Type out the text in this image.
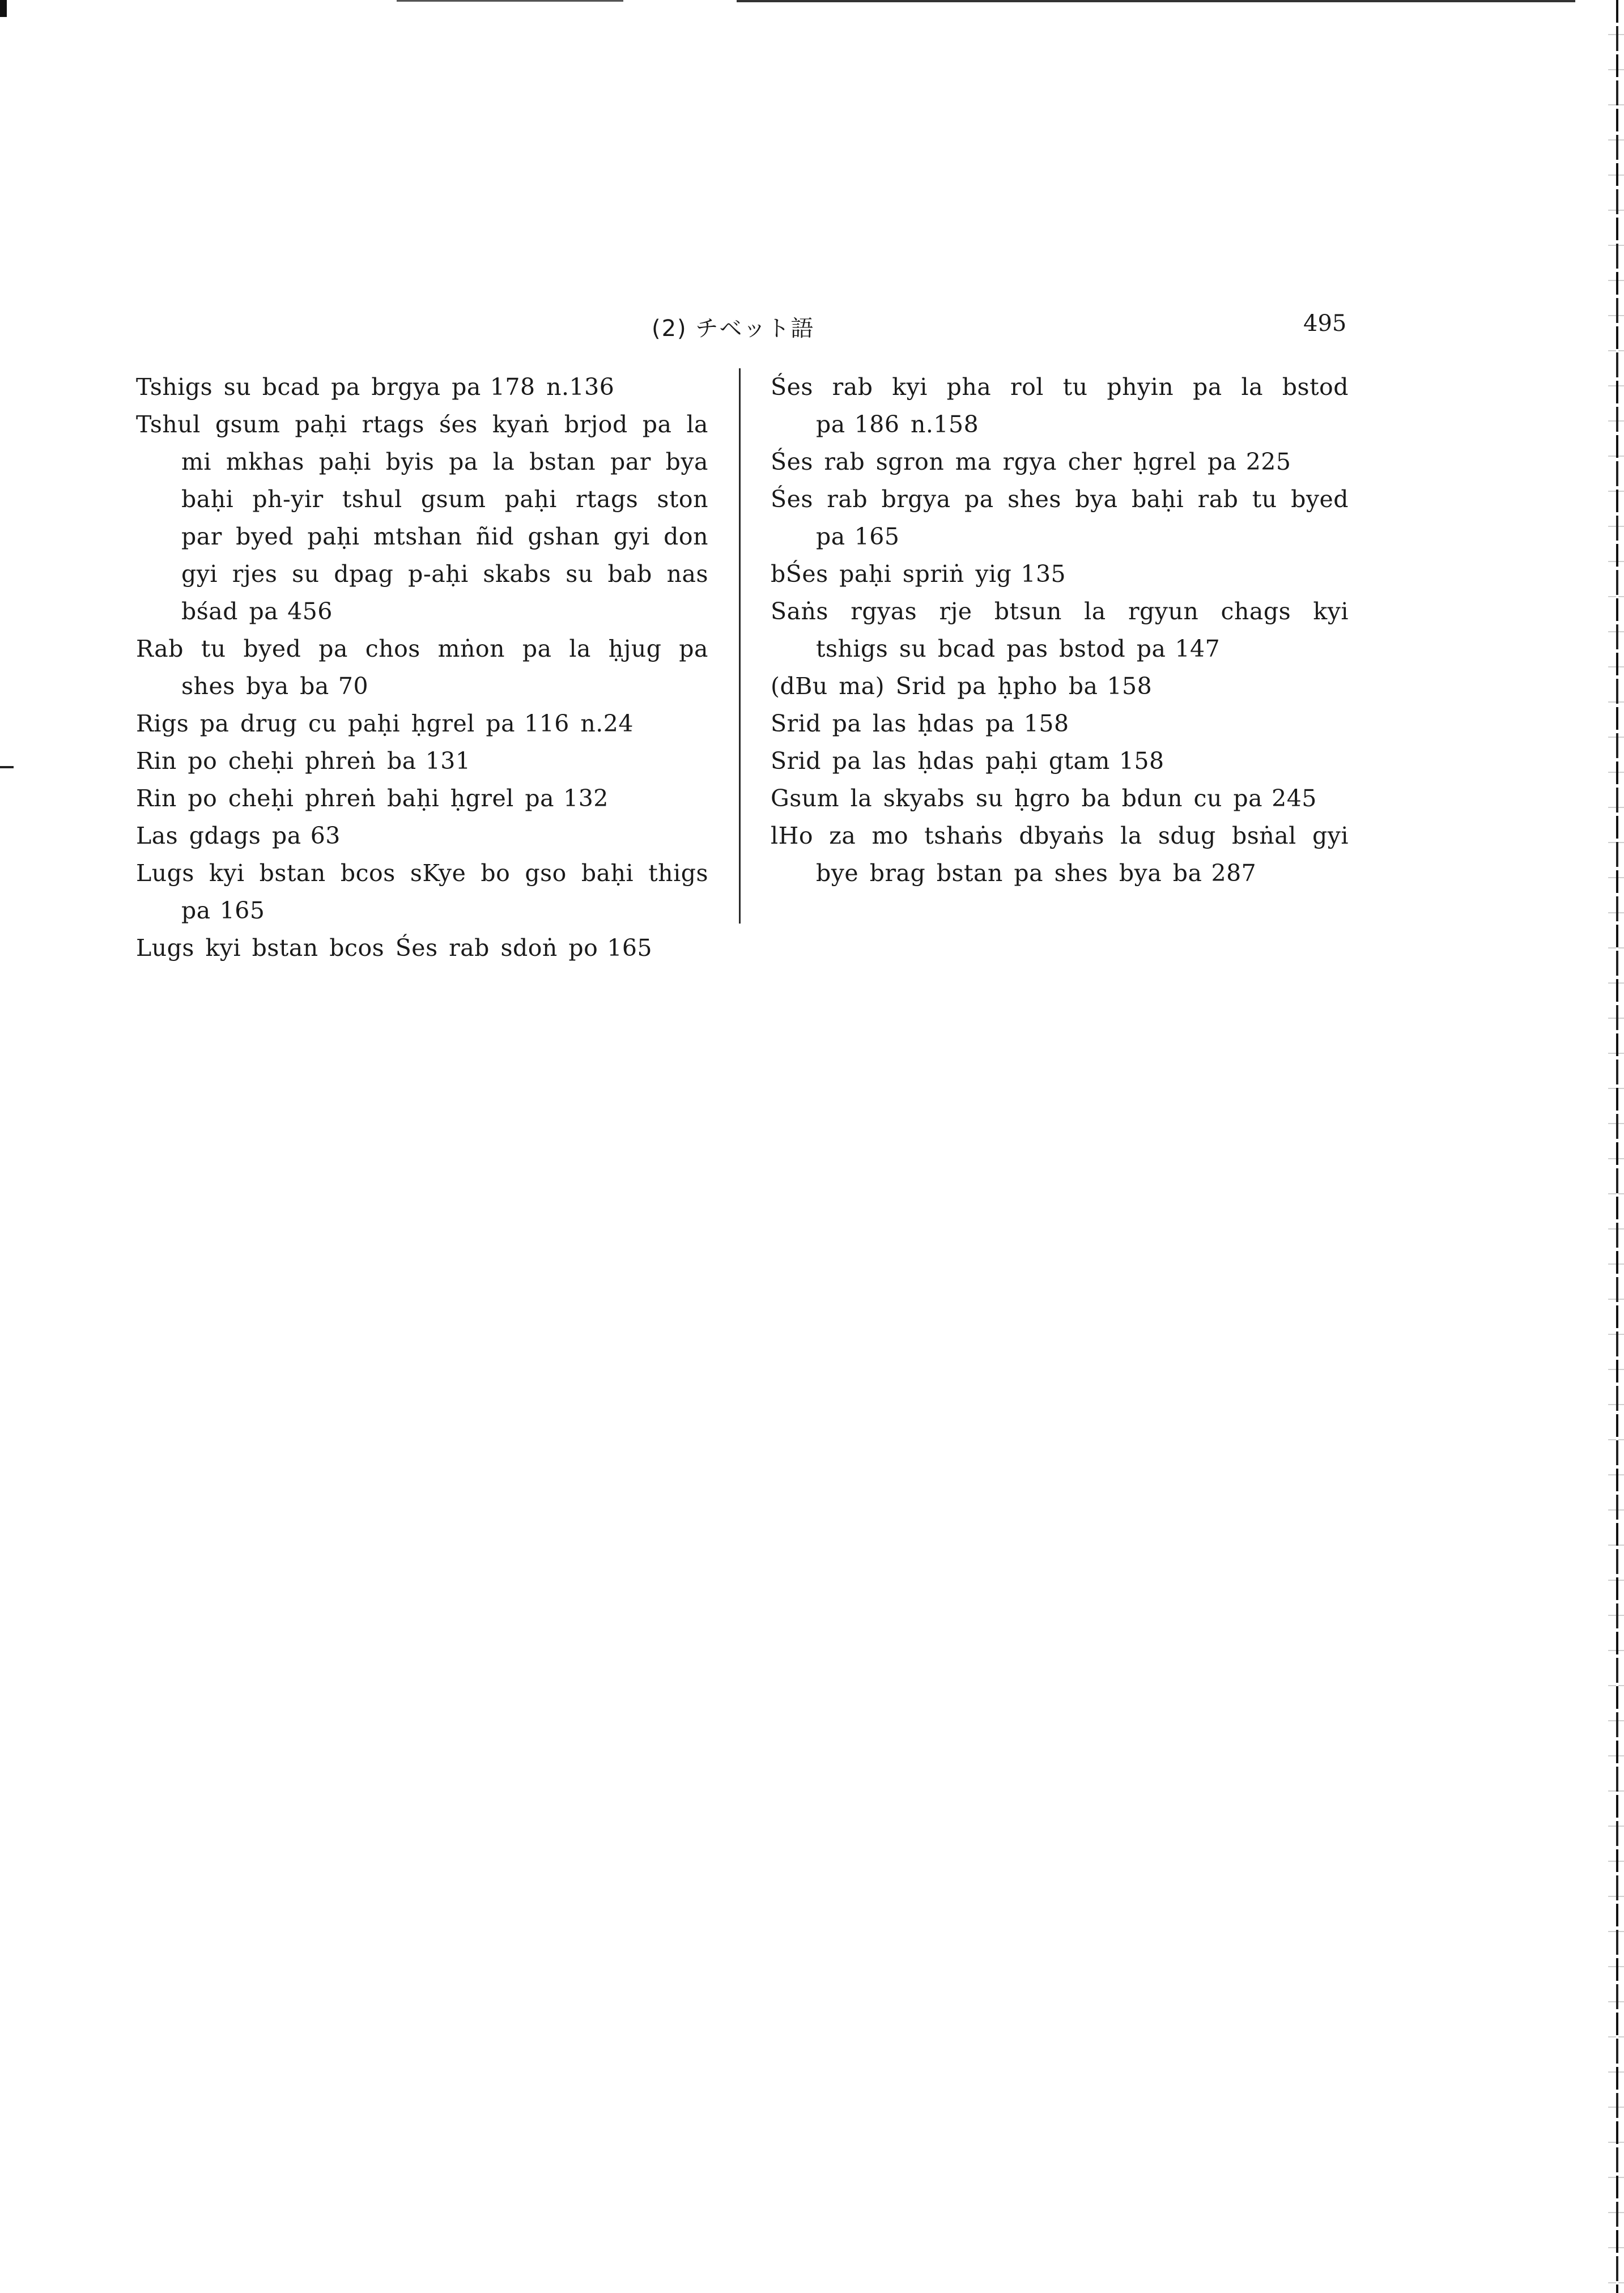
(2) チベット語	495

Tshigs su bcad pa brgya pa 178 n.136

Tshul gsum paḥi rtags śes kyaṅ brjod pa la mi mkhas paḥi byis pa la bstan par bya baḥi ph-yir tshul gsum paḥi rtags ston par byed paḥi mtshan ñid gshan gyi don gyi rjes su dpag p-aḥi skabs su bab nas bśad pa 456

Rab tu byed pa chos mṅon pa la ḥjug pa shes bya ba 70

Rigs pa drug cu paḥi ḥgrel pa 116 n.24

Rin po cheḥi phreṅ ba 131

Rin po cheḥi phreṅ baḥi ḥgrel pa 132

Las gdags pa 63

Lugs kyi bstan bcos sKye bo gso baḥi thigs pa 165

Lugs kyi bstan bcos Śes rab sdoṅ po 165

Śes rab kyi pha rol tu phyin pa la bstod pa 186 n.158

Śes rab sgron ma rgya cher ḥgrel pa 225

Śes rab brgya pa shes bya baḥi rab tu byed pa 165

bŚes paḥi spriṅ yig 135

Saṅs rgyas rje btsun la rgyun chags kyi tshigs su bcad pas bstod pa 147

(dBu ma) Srid pa ḥpho ba 158

Srid pa las ḥdas pa 158

Srid pa las ḥdas paḥi gtam 158

Gsum la skyabs su ḥgro ba bdun cu pa 245

lHo za mo tshaṅs dbyaṅs la sdug bsṅal gyi bye brag bstan pa shes bya ba 287
